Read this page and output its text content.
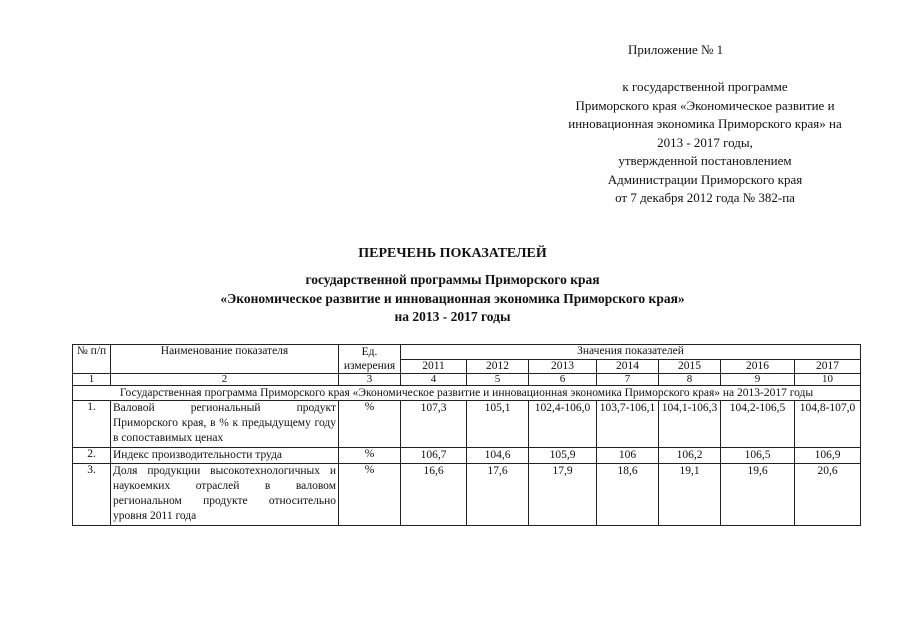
Приложение № 1
к государственной программе
Приморского края «Экономическое развитие и
инновационная экономика Приморского края» на
2013 - 2017 годы,
утвержденной постановлением
Администрации Приморского края
от 7 декабря 2012 года № 382-па
ПЕРЕЧЕНЬ ПОКАЗАТЕЛЕЙ
государственной программы Приморского края
«Экономическое развитие и инновационная экономика Приморского края»
на 2013 - 2017 годы
№ п/п	Наименование показателя	Ед. измерения	Значения показателей						
			2011	2012	2013	2014	2015	2016	2017
1	2	3	4	5	6	7	8	9	10
Государственная программа Приморского края «Экономическое развитие и инновационная экономика Приморского края» на 2013-2017 годы									
1.	Валовой региональный продукт Приморского края, в % к предыдущему году в сопоставимых ценах	%	107,3	105,1	102,4-106,0	103,7-106,1	104,1-106,3	104,2-106,5	104,8-107,0
2.	Индекс производительности труда	%	106,7	104,6	105,9	106	106,2	106,5	106,9
3.	Доля продукции высокотехнологичных и наукоемких отраслей в валовом региональном продукте относительно уровня 2011 года	%	16,6	17,6	17,9	18,6	19,1	19,6	20,6
